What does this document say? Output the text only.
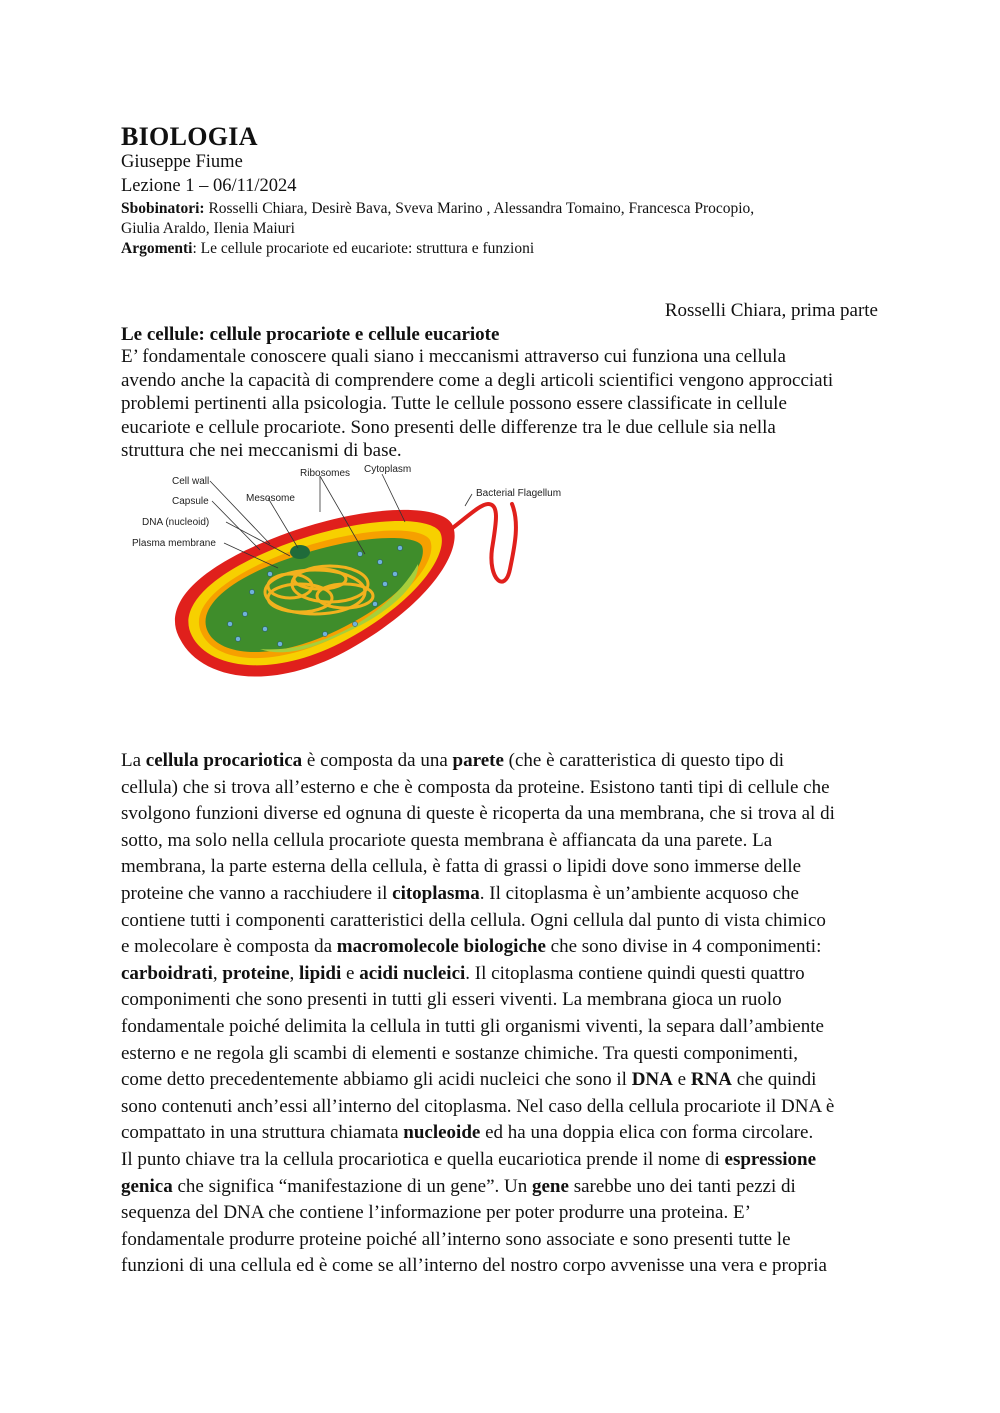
BIOLOGIA
Giuseppe Fiume
Lezione 1 – 06/11/2024
Sbobinatori: Rosselli Chiara, Desirè Bava, Sveva Marino , Alessandra Tomaino, Francesca Procopio,
Giulia Araldo, Ilenia Maiuri
Argomenti: Le cellule procariote ed eucariote: struttura e funzioni
Rosselli Chiara, prima parte
Le cellule: cellule procariote e cellule eucariote
E’ fondamentale conoscere quali siano i meccanismi attraverso cui funziona una cellula
avendo anche la capacità di comprendere come a degli articoli scientifici vengono approcciati
problemi pertinenti alla psicologia. Tutte le cellule possono essere classificate in cellule
eucariote e cellule procariote. Sono presenti delle differenze tra le due cellule sia nella
struttura che nei meccanismi di base.
Cell wall
Capsule
DNA (nucleoid)
Plasma membrane
Mesosome
Ribosomes Cytoplasm
Bacterial Flagellum
La cellula procariotica è composta da una parete (che è caratteristica di questo tipo di
cellula) che si trova all’esterno e che è composta da proteine. Esistono tanti tipi di cellule che
svolgono funzioni diverse ed ognuna di queste è ricoperta da una membrana, che si trova al di
sotto, ma solo nella cellula procariote questa membrana è affiancata da una parete. La
membrana, la parte esterna della cellula, è fatta di grassi o lipidi dove sono immerse delle
proteine che vanno a racchiudere il citoplasma. Il citoplasma è un’ambiente acquoso che
contiene tutti i componenti caratteristici della cellula. Ogni cellula dal punto di vista chimico
e molecolare è composta da macromolecole biologiche che sono divise in 4 componimenti:
carboidrati, proteine, lipidi e acidi nucleici. Il citoplasma contiene quindi questi quattro
componimenti che sono presenti in tutti gli esseri viventi. La membrana gioca un ruolo
fondamentale poiché delimita la cellula in tutti gli organismi viventi, la separa dall’ambiente
esterno e ne regola gli scambi di elementi e sostanze chimiche. Tra questi componimenti,
come detto precedentemente abbiamo gli acidi nucleici che sono il DNA e RNA che quindi
sono contenuti anch’essi all’interno del citoplasma. Nel caso della cellula procariote il DNA è
compattato in una struttura chiamata nucleoide ed ha una doppia elica con forma circolare.
Il punto chiave tra la cellula procariotica e quella eucariotica prende il nome di espressione
genica che significa “manifestazione di un gene”. Un gene sarebbe uno dei tanti pezzi di
sequenza del DNA che contiene l’informazione per poter produrre una proteina. E’
fondamentale produrre proteine poiché all’interno sono associate e sono presenti tutte le
funzioni di una cellula ed è come se all’interno del nostro corpo avvenisse una vera e propria
